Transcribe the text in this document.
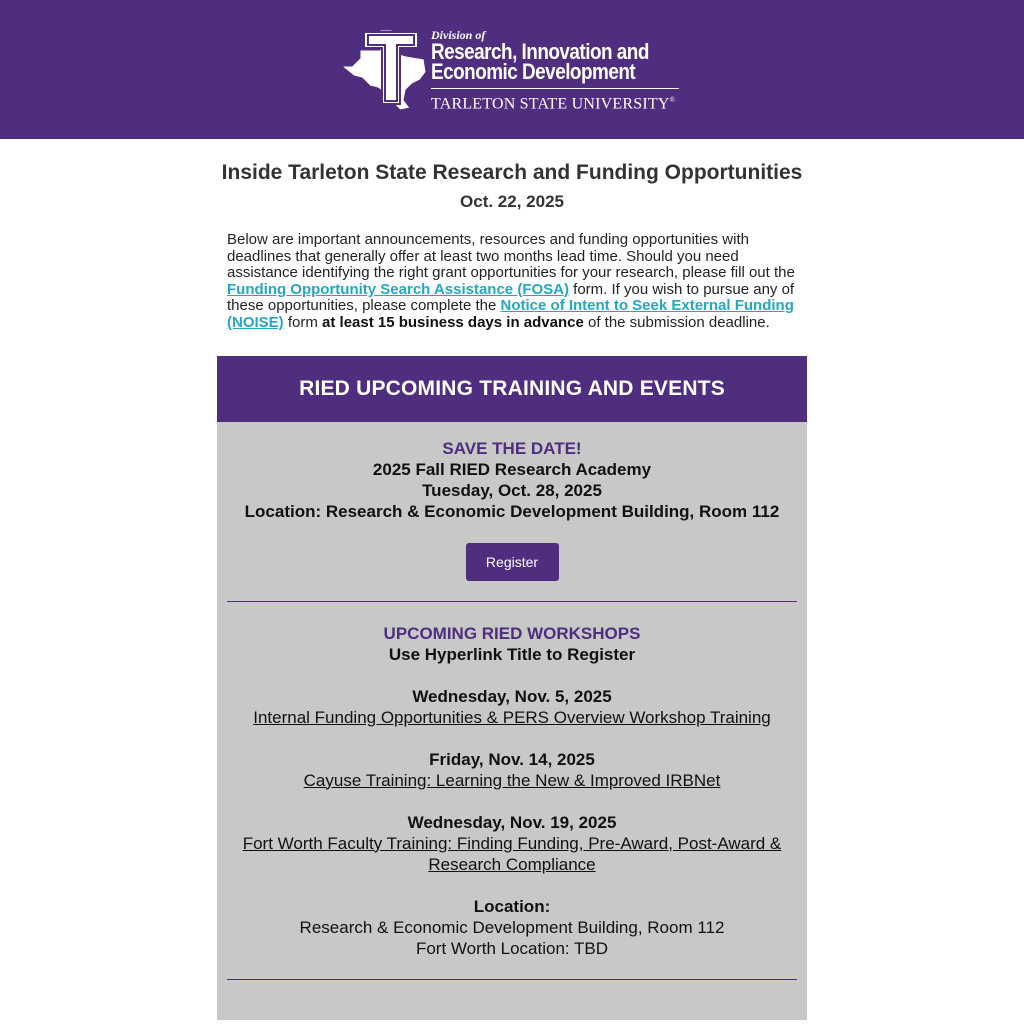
Division of
Research, Innovation and
Economic Development
TARLETON STATE UNIVERSITY®
Inside Tarleton State Research and Funding Opportunities
Oct. 22, 2025
Below are important announcements, resources and funding opportunities with deadlines that generally offer at least two months lead time. Should you need assistance identifying the right grant opportunities for your research, please fill out the Funding Opportunity Search Assistance (FOSA) form. If you wish to pursue any of these opportunities, please complete the Notice of Intent to Seek External Funding (NOISE) form at least 15 business days in advance of the submission deadline.
RIED UPCOMING TRAINING AND EVENTS
SAVE THE DATE!
2025 Fall RIED Research Academy
Tuesday, Oct. 28, 2025
Location: Research & Economic Development Building, Room 112
Register
UPCOMING RIED WORKSHOPS
Use Hyperlink Title to Register
Wednesday, Nov. 5, 2025
Internal Funding Opportunities & PERS Overview Workshop Training
Friday, Nov. 14, 2025
Cayuse Training: Learning the New & Improved IRBNet
Wednesday, Nov. 19, 2025
Fort Worth Faculty Training: Finding Funding, Pre-Award, Post-Award & Research Compliance
Location:
Research & Economic Development Building, Room 112
Fort Worth Location: TBD
